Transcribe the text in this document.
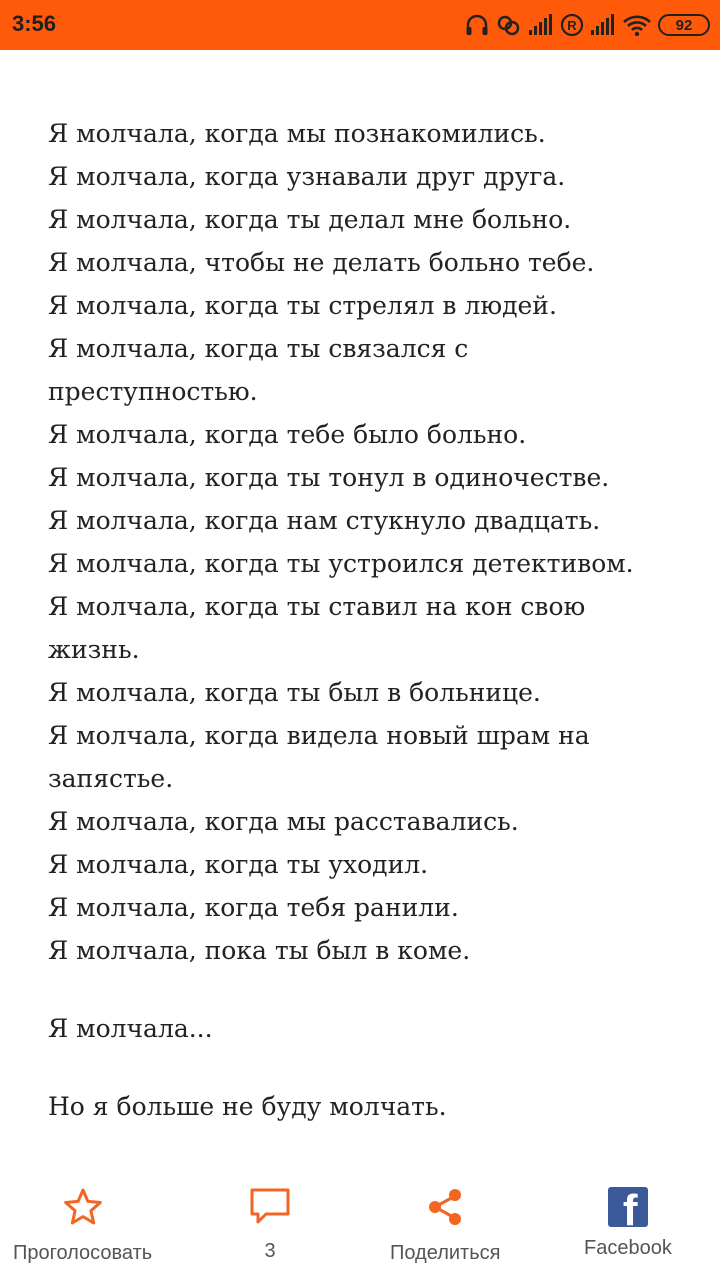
3:56	R	92
Я молчала, когда мы познакомились.
Я молчала, когда узнавали друг друга.
Я молчала, когда ты делал мне больно.
Я молчала, чтобы не делать больно тебе.
Я молчала, когда ты стрелял в людей.
Я молчала, когда ты связался с преступностью.
Я молчала, когда тебе было больно.
Я молчала, когда ты тонул в одиночестве.
Я молчала, когда нам стукнуло двадцать.
Я молчала, когда ты устроился детективом.
Я молчала, когда ты ставил на кон свою жизнь.
Я молчала, когда ты был в больнице.
Я молчала, когда видела новый шрам на запястье.
Я молчала, когда мы расставались.
Я молчала, когда ты уходил.
Я молчала, когда тебя ранили.
Я молчала, пока ты был в коме.
Я молчала...
Но я больше не буду молчать.
Проголосовать	3	Поделиться
f
Facebook
